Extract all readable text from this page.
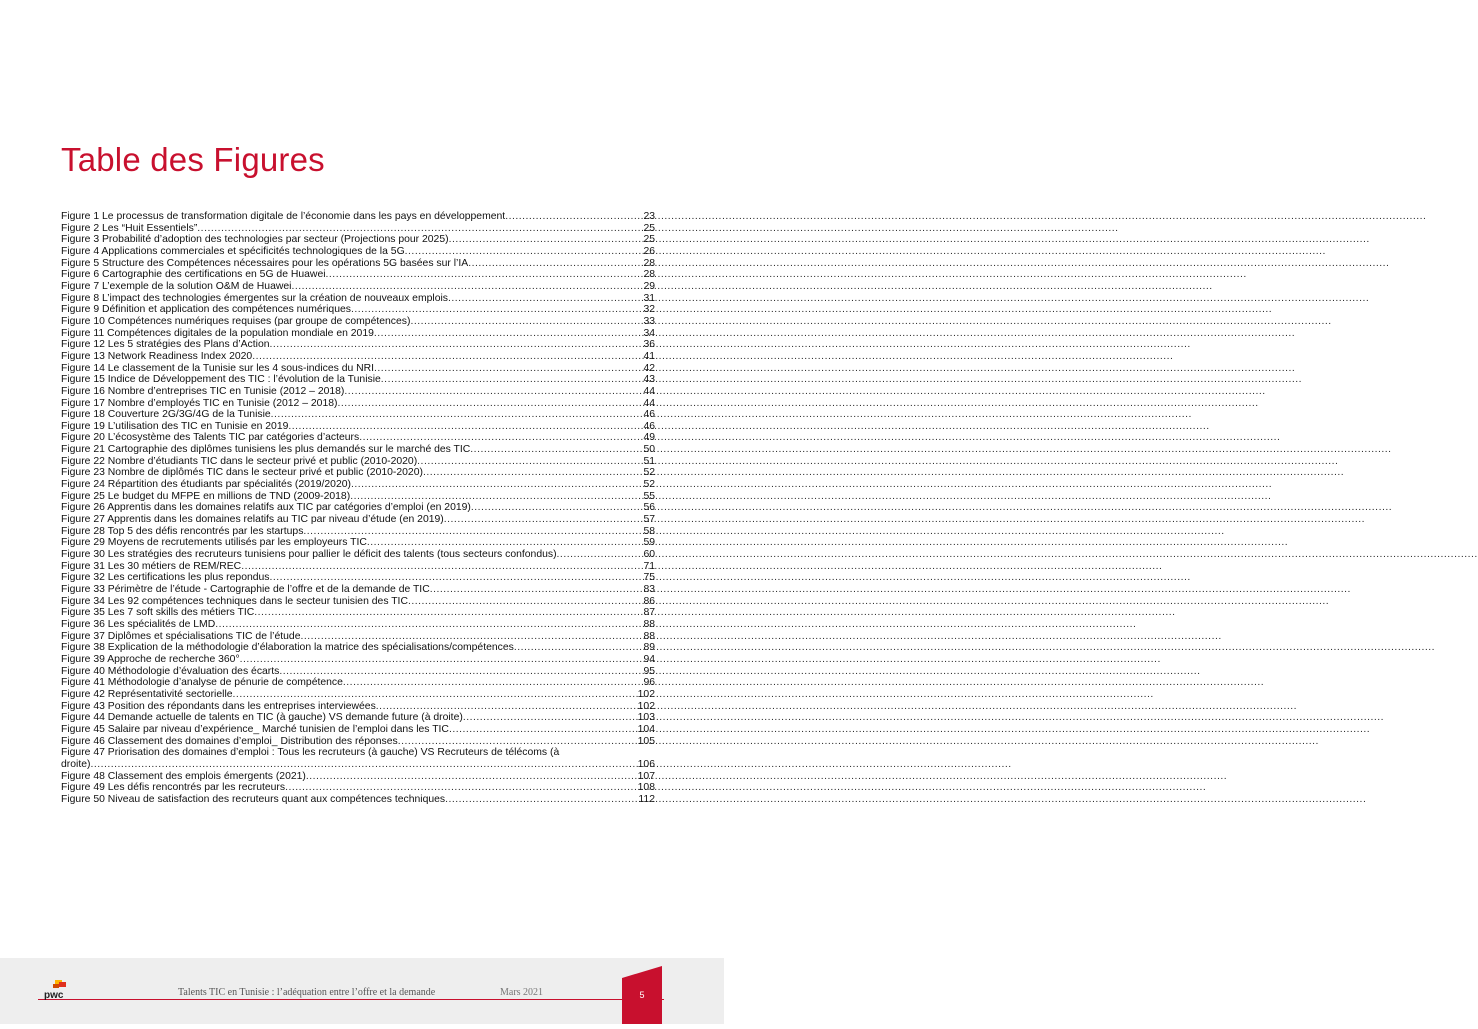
Table des Figures
Figure 1 Le processus de transformation digitale de l’économie dans les pays en développement .....	23
Figure 2 Les “Huit Essentiels” .....	25
Figure 3 Probabilité d’adoption des technologies par secteur (Projections pour 2025) .....	25
Figure 4 Applications commerciales et spécificités technologiques de la 5G .....	26
Figure 5 Structure des Compétences nécessaires pour les opérations 5G basées sur l’IA .....	28
Figure 6 Cartographie des certifications en 5G de Huawei .....	28
Figure 7 L’exemple de la solution O&M de Huawei .....	29
Figure 8 L’impact des technologies émergentes sur la création de nouveaux emplois .....	31
Figure 9 Définition et application des compétences numériques .....	32
Figure 10 Compétences numériques requises (par groupe de compétences) .....	33
Figure 11 Compétences digitales de la population mondiale en 2019 .....	34
Figure 12 Les 5 stratégies des Plans d’Action .....	36
Figure 13 Network Readiness Index 2020 .....	41
Figure 14 Le classement de la Tunisie sur les 4 sous-indices du NRI .....	42
Figure 15 Indice de Développement des TIC : l’évolution de la Tunisie .....	43
Figure 16 Nombre d’entreprises TIC en Tunisie (2012 – 2018) .....	44
Figure 17 Nombre d’employés TIC en Tunisie (2012 – 2018) .....	44
Figure 18 Couverture 2G/3G/4G de la Tunisie .....	46
Figure 19 L’utilisation des TIC en Tunisie en 2019 .....	46
Figure 20 L’écosystème des Talents TIC par catégories d’acteurs .....	49
Figure 21 Cartographie des diplômes tunisiens les plus demandés sur le marché des TIC .....	50
Figure 22 Nombre d’étudiants TIC dans le secteur privé et public (2010-2020) .....	51
Figure 23 Nombre de diplômés TIC dans le secteur privé et public (2010-2020) .....	52
Figure 24 Répartition des étudiants par spécialités (2019/2020) .....	52
Figure 25 Le budget du MFPE en millions de TND (2009-2018) .....	55
Figure 26 Apprentis dans les domaines relatifs aux TIC par catégories d’emploi (en 2019) .....	56
Figure 27 Apprentis dans les domaines relatifs au TIC par niveau d’étude (en 2019) .....	57
Figure 28 Top 5 des défis rencontrés par les startups .....	58
Figure 29 Moyens de recrutements utilisés par les employeurs TIC .....	59
Figure 30 Les stratégies des recruteurs tunisiens pour pallier le déficit des talents (tous secteurs confondus) .....	60
Figure 31 Les 30 métiers de REM/REC .....	71
Figure 32 Les certifications les plus repondus .....	75
Figure 33 Périmètre de l’étude - Cartographie de l’offre et de la demande de TIC .....	83
Figure 34 Les 92 compétences techniques dans le secteur tunisien des TIC .....	86
Figure 35 Les 7 soft skills des métiers TIC .....	87
Figure 36 Les spécialités de LMD .....	88
Figure 37 Diplômes et spécialisations TIC de l’étude .....	88
Figure 38 Explication de la méthodologie d’élaboration la matrice des spécialisations/compétences .....	89
Figure 39 Approche de recherche 360° .....	94
Figure 40 Méthodologie d’évaluation des écarts .....	95
Figure 41 Méthodologie d’analyse de pénurie de compétence .....	96
Figure 42 Représentativité sectorielle .....	102
Figure 43 Position des répondants dans les entreprises interviewées .....	102
Figure 44 Demande actuelle de talents en TIC (à gauche) VS demande future (à droite) .....	103
Figure 45 Salaire par niveau d’expérience_ Marché tunisien de l’emploi dans les TIC .....	104
Figure 46 Classement des domaines d’emploi_ Distribution des réponses .....	105
Figure 47 Priorisation des domaines d’emploi : Tous les recruteurs (à gauche) VS Recruteurs de télécoms (à
droite) .....	106
Figure 48 Classement des emplois émergents (2021) .....	107
Figure 49 Les défis rencontrés par les recruteurs .....	108
Figure 50 Niveau de satisfaction des recruteurs quant aux compétences techniques .....	112
pwc	Talents TIC en Tunisie : l’adéquation entre l’offre et la demande	Mars 2021	5
